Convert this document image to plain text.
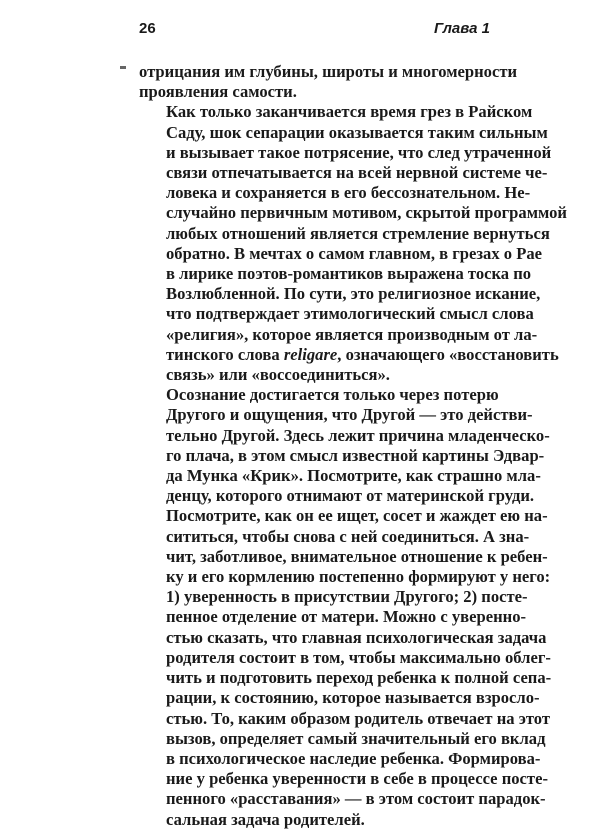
26	Глава 1

отрицания им глубины, широты и многомерности
проявления самости.

Как только заканчивается время грез в Райском
Саду, шок сепарации оказывается таким сильным
и вызывает такое потрясение, что след утраченной
связи отпечатывается на всей нервной системе че-
ловека и сохраняется в его бессознательном. Не-
случайно первичным мотивом, скрытой программой
любых отношений является стремление вернуться
обратно. В мечтах о самом главном, в грезах о Рае
в лирике поэтов-романтиков выражена тоска по
Возлюбленной. По сути, это религиозное искание,
что подтверждает этимологический смысл слова
«религия», которое является производным от ла-
тинского слова religare, означающего «восстановить
связь» или «воссоединиться».

Осознание достигается только через потерю
Другого и ощущения, что Другой — это действи-
тельно Другой. Здесь лежит причина младенческо-
го плача, в этом смысл известной картины Эдвар-
да Мунка «Крик». Посмотрите, как страшно мла-
денцу, которого отнимают от материнской груди.
Посмотрите, как он ее ищет, сосет и жаждет ею на-
сититься, чтобы снова с ней соединиться. А зна-
чит, заботливое, внимательное отношение к ребен-
ку и его кормлению постепенно формируют у него:
1) уверенность в присутствии Другого; 2) посте-
пенное отделение от матери. Можно с уверенно-
стью сказать, что главная психологическая задача
родителя состоит в том, чтобы максимально облег-
чить и подготовить переход ребенка к полной сепа-
рации, к состоянию, которое называется взросло-
стью. То, каким образом родитель отвечает на этот
вызов, определяет самый значительный его вклад
в психологическое наследие ребенка. Формирова-
ние у ребенка уверенности в себе в процессе посте-
пенного «расставания» — в этом состоит парадок-
сальная задача родителей.
